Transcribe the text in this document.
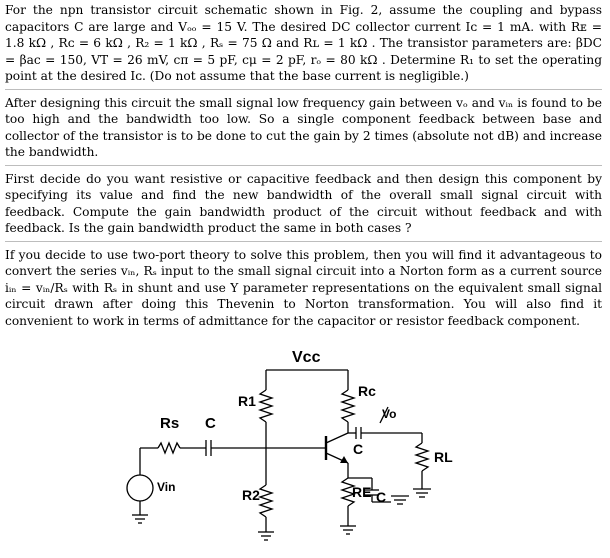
For the npn transistor circuit schematic shown in Fig. 2, assume the coupling and bypass capacitors C are large and Vₒₒ = 15 V. The desired DC collector current Iᴄ = 1 mA. with Rᴇ = 1.8 kΩ , Rᴄ = 6 kΩ , R₂ = 1 kΩ , Rₛ = 75 Ω and Rʟ = 1 kΩ . The transistor parameters are: βDC = βac = 150, VT = 26 mV, cπ = 5 pF, cμ = 2 pF, rₒ = 80 kΩ . Determine R₁ to set the operating point at the desired Iᴄ. (Do not assume that the base current is negligible.)

After designing this circuit the small signal low frequency gain between vₒ and vᵢₙ is found to be too high and the bandwidth too low. So a single component feedback between base and collector of the transistor is to be done to cut the gain by 2 times (absolute not dB) and increase the bandwidth.

First decide do you want resistive or capacitive feedback and then design this component by specifying its value and find the new bandwidth of the overall small signal circuit with feedback. Compute the gain bandwidth product of the circuit without feedback and with feedback. Is the gain bandwidth product the same in both cases ?

If you decide to use two-port theory to solve this problem, then you will find it advantageous to convert the series vᵢₙ, Rₛ input to the small signal circuit into a Norton form as a current source iᵢₙ = vᵢₙ/Rₛ with Rₛ in shunt and use Y parameter representations on the equivalent small signal circuit drawn after doing this Thevenin to Norton transformation. You will also find it convenient to work in terms of admittance for the capacitor or resistor feedback component.

Vcc
R1
R2
Rc
C
Vo
RL
RE C
Rs C
Vin
